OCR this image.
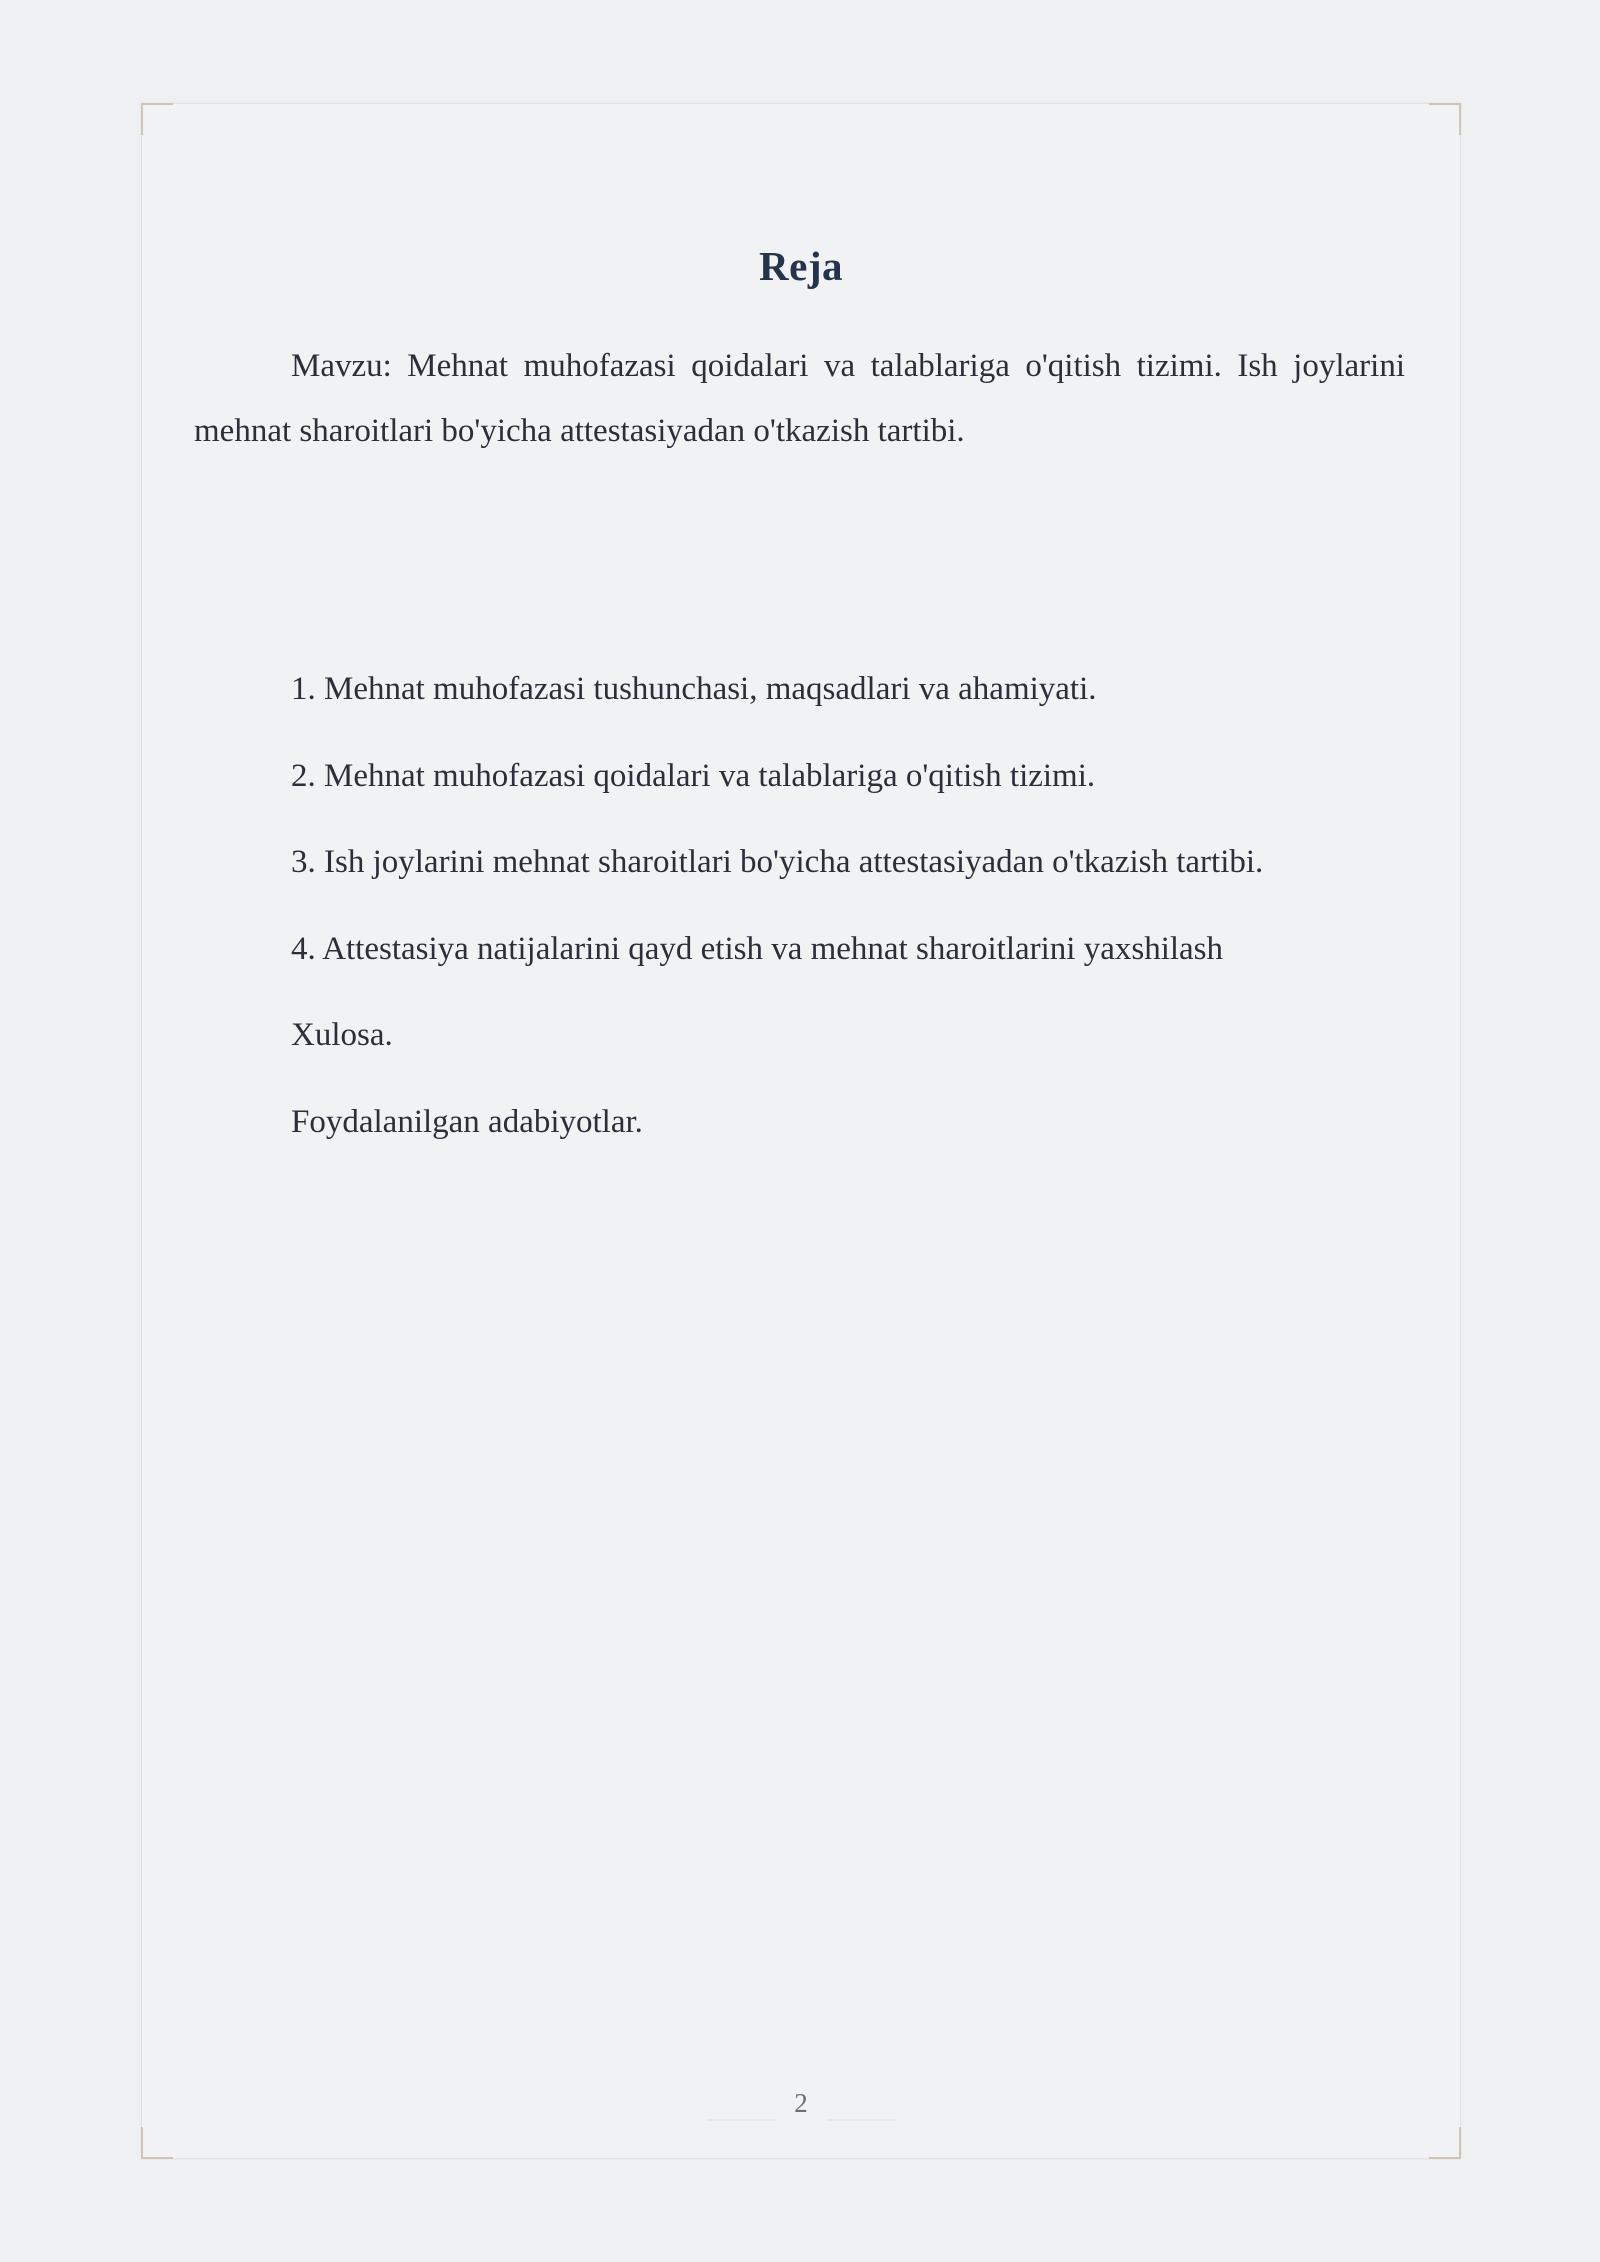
Reja

Mavzu: Mehnat muhofazasi qoidalari va talablariga o'qitish tizimi. Ish joylarini mehnat sharoitlari bo'yicha attestasiyadan o'tkazish tartibi.

1. Mehnat muhofazasi tushunchasi, maqsadlari va ahamiyati.
2. Mehnat muhofazasi qoidalari va talablariga o'qitish tizimi.
3. Ish joylarini mehnat sharoitlari bo'yicha attestasiyadan o'tkazish tartibi.
4. Attestasiya natijalarini qayd etish va mehnat sharoitlarini yaxshilash
Xulosa.
Foydalanilgan adabiyotlar.
2
